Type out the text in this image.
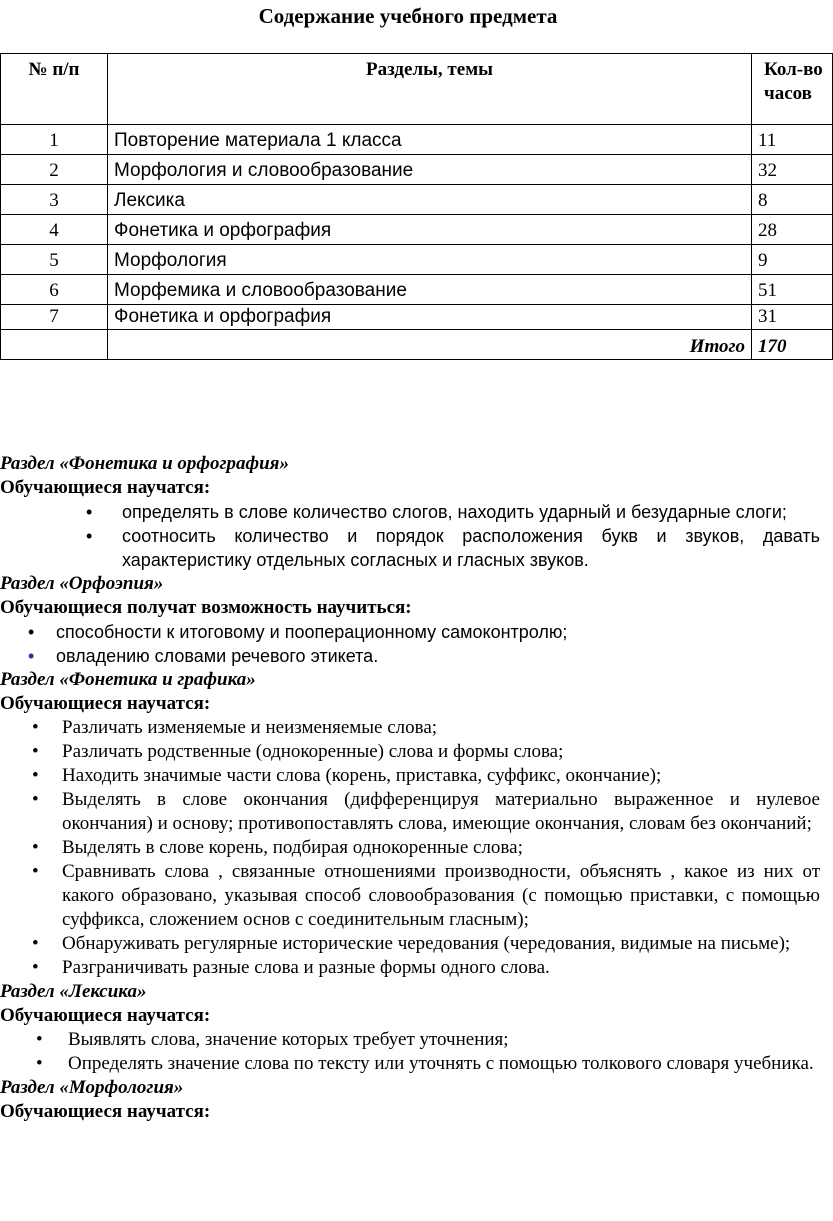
Содержание учебного предмета
№ п/п	Разделы, темы	Кол-во часов
1	Повторение материала 1 класса	11
2	Морфология и словообразование	32
3	Лексика	8
4	Фонетика и орфография	28
5	Морфология	9
6	Морфемика и словообразование	51
7	Фонетика и орфография	31
	Итого	170

Раздел «Фонетика и орфография»

Обучающиеся научатся:

• определять в слове количество слогов, находить ударный и безударные слоги;
• соотносить количество и порядок расположения букв и звуков, давать характеристику отдельных согласных и гласных звуков.

Раздел «Орфоэпия»

Обучающиеся получат возможность научиться:

• способности к итоговому и пооперационному самоконтролю;
• овладению словами речевого этикета.

Раздел «Фонетика и графика»

Обучающиеся научатся:

• Различать изменяемые и неизменяемые слова;
• Различать родственные (однокоренные) слова и формы слова;
• Находить значимые части слова (корень, приставка, суффикс, окончание);
• Выделять в слове окончания (дифференцируя материально выраженное и нулевое окончания) и основу; противопоставлять слова, имеющие окончания, словам без окончаний;
• Выделять в слове корень, подбирая однокоренные слова;
• Сравнивать слова , связанные отношениями производности, объяснять , какое из них от какого образовано, указывая способ словообразования (с помощью приставки, с помощью суффикса, сложением основ с соединительным гласным);
• Обнаруживать регулярные исторические чередования (чередования, видимые на письме);
• Разграничивать разные слова и разные формы одного слова.

Раздел «Лексика»

Обучающиеся научатся:

• Выявлять слова, значение которых требует уточнения;
• Определять значение слова по тексту или уточнять с помощью толкового словаря учебника.

Раздел «Морфология»

Обучающиеся научатся:
